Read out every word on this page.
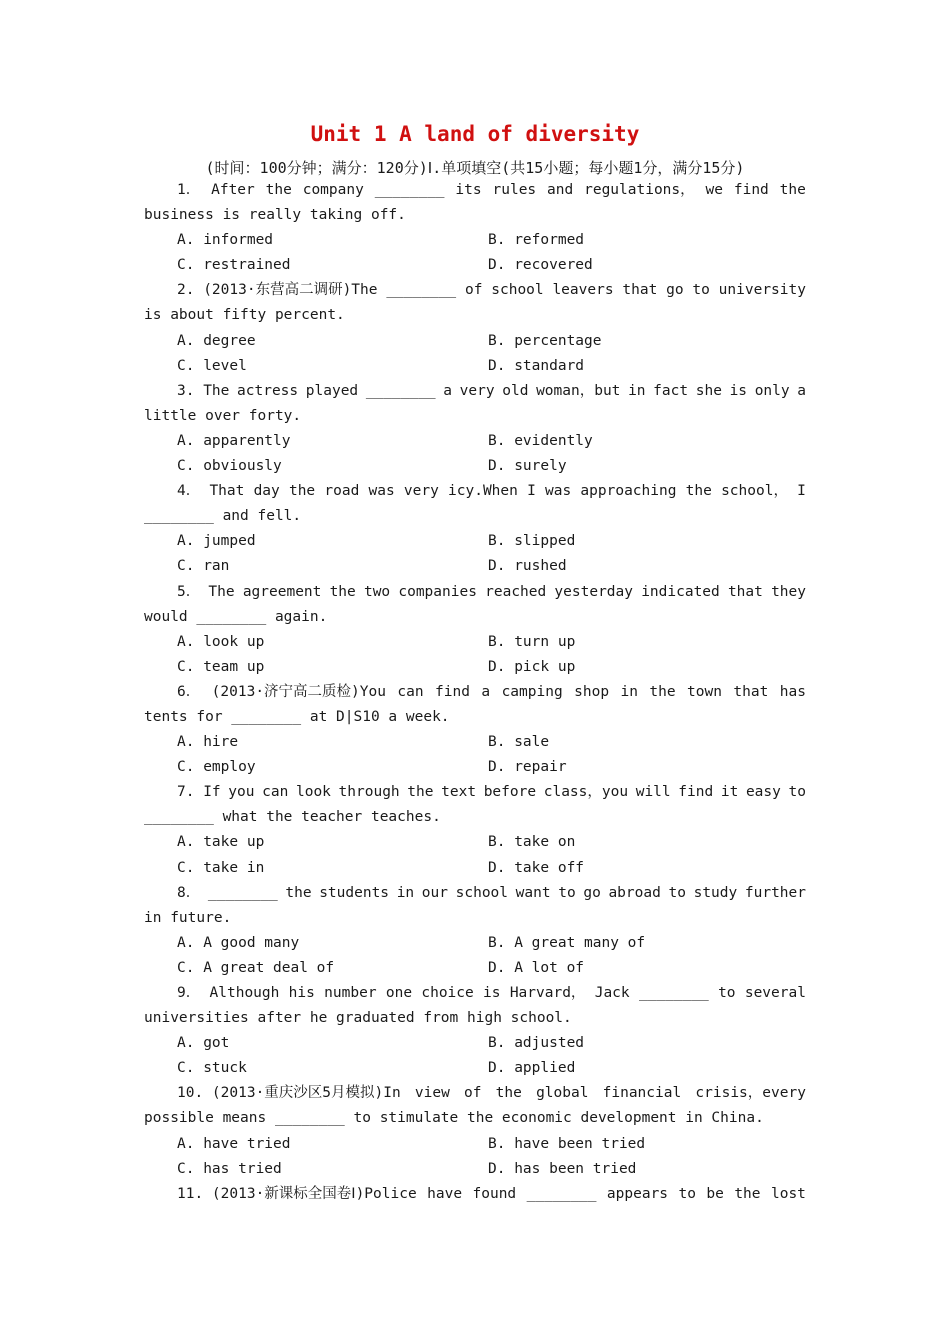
Unit 1 A land of diversity
(时间：100分钟；满分：120分)Ⅰ.单项填空(共15小题；每小题1分，满分15分)
1． After the company ________ its rules and regulations， we find the
business is really taking off.
A. informed	B. reformed
C. restrained	D. recovered
2. (2013·东营高二调研)The ________ of school leavers that go to university
is about fifty percent.
A. degree	B. percentage
C. level	D. standard
3. The actress played ________ a very old woman，but in fact she is only a
little over forty.
A. apparently	B. evidently
C. obviously	D. surely
4． That day the road was very icy.When I was approaching the school， I
________ and fell.
A. jumped	B. slipped
C. ran	D. rushed
5． The agreement the two companies reached yesterday indicated that they
would ________ again.
A. look up	B. turn up
C. team up	D. pick up
6． (2013·济宁高二质检)You can find a camping shop in the town that has
tents for ________ at D|S10 a week.
A. hire	B. sale
C. employ	D. repair
7. If you can look through the text before class，you will find it easy to
________ what the teacher teaches.
A. take up	B. take on
C. take in	D. take off
8． ________ the students in our school want to go abroad to study further
in future.
A. A good many	B. A great many of
C. A great deal of	D. A lot of
9． Although his number one choice is Harvard， Jack ________ to several
universities after he graduated from high school.
A. got	B. adjusted
C. stuck	D. applied
10. (2013·重庆沙区5月模拟)In view of the global financial crisis，every
possible means ________ to stimulate the economic development in China.
A. have tried	B. have been tried
C. has tried	D. has been tried
11. (2013·新课标全国卷Ⅰ)Police have found ________ appears to be the lost
